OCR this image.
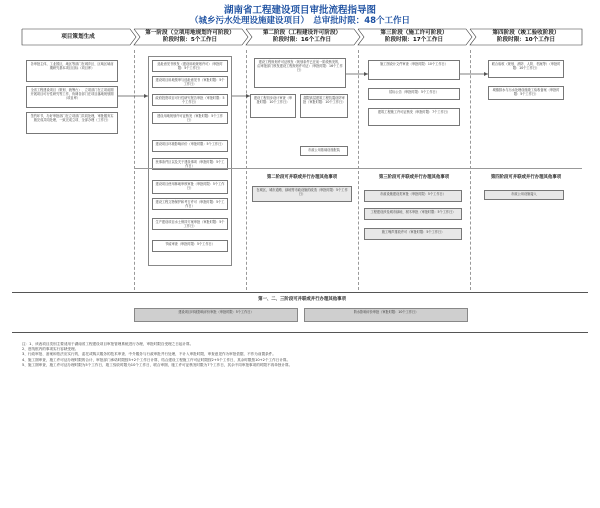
湖南省工程建设项目审批流程指导图
（城乡污水处理设施建设项目）　总审批时限：48个工作日
项目策划生成
第一阶段（立项用地规划许可阶段）
阶段时限：5个工作日
第二阶段（工程建设许可阶段）
阶段时限：16个工作日
第三阶段（施工许可阶段）
阶段时限：17个工作日
第四阶段（竣工验收阶段）
阶段时限：10个工作日
各审批主体，工业园区，地区等部门在城乡区、区域区域前期研究基本项目目标（项目库）
全省工程建设项目（策划、统筹台）、立项部门在立项前期开展项目可行性研究等工作，协调各部门在项目落地规划期（项目库）
签约环节，办好审批部门在立项部门共同处理，审批服务实施完成共同处理，一致完成立项、全部办理（工作日）
选址意见书核发（建设用地规划许可）（审批时限：5个工作日）
建设项目用地预审与选址意见书（审批时限：5个工作日）
政府投资项目可行性研究报告审批（审批时限：5个工作日）
建设用地规划许可证核发（审批时限：5个工作日）
建设项目环境影响评价（审批时限：5个工作日）
民事条件区以及关于建设事项（审批时限：5个工作日）
建设项目使用林地审核审批（审批时限：5个工作日）
建设工程文物保护和考古许可（审批时限：5个工作日）
生产建设项目水土保持方案审批（审批时限：5个工作日）
节能审查（审批时限：5个工作日）
建设工程规划许可证核发（规划条件已在前一阶段核发的，由审批部门核发建设工程规划许可证）（审批时限：16个工作日）
建设工程初步设计审查（审批时限：10个工作日）
超限高层建筑工程抗震设防审批（审批时限：10个工作日）
市政公用基础设施报装
施工图设计文件审查（审批时限：10个工作日）
招标公告（审批时限：5个工作日）
建筑工程施工许可证核发（审批时限：7个工作日）
联合验收（规划、消防、人防、档案等）（审批时限：10个工作日）
城镇排水与污水处理设施竣工验收备案（审批时限：5个工作日）
第二阶段可并联或并行办理其他事项
在城区，城市道路、绿地等市政设施的改造（审批时限：5个工作日）
第三阶段可并联或并行办理其他事项
市政设施建设类审批（审批时限：5个工作日）
工程建设涉及城市绿地、树木审批（审批时限：5个工作日）
施工噪声排放许可（审批时限：5个工作日）
第四阶段可并联或并行办理其他事项
市政公用设施接入
第一、二、三阶段可并联或并行办理其他事项
建设项目环境影响评价审批（审批时限：5个工作日）	防水影响评价审批（审批时限：10个工作日）
注：1、该表项目类别主要适用于湖南省工程建设项目审批管理系统进行办理，审批时限自受理之日起计算。
2、虚线框内的事项实行容缺受理。
3、行政审批、备案和依法应实行的，委托或购买服务的技术审查、中介服务与行政审批并行处理，不计入审批时限，审查意见作为审批依据，不作为前置条件。
4、施工图审查，施工许可证办理时限的合计，审批部门承诺时限按5+2个工作日计算，结合建设工程施工许可证时限按2+5个工作日，其余时限按10+2个工作日计算。
5、施工图审查，施工许可证办理时限为5个工作日，竣工验收时限为10个工作日，联合审图，施工许可证核发时限为7个工作日，其余不同审批事项的时限不再单独计算。
